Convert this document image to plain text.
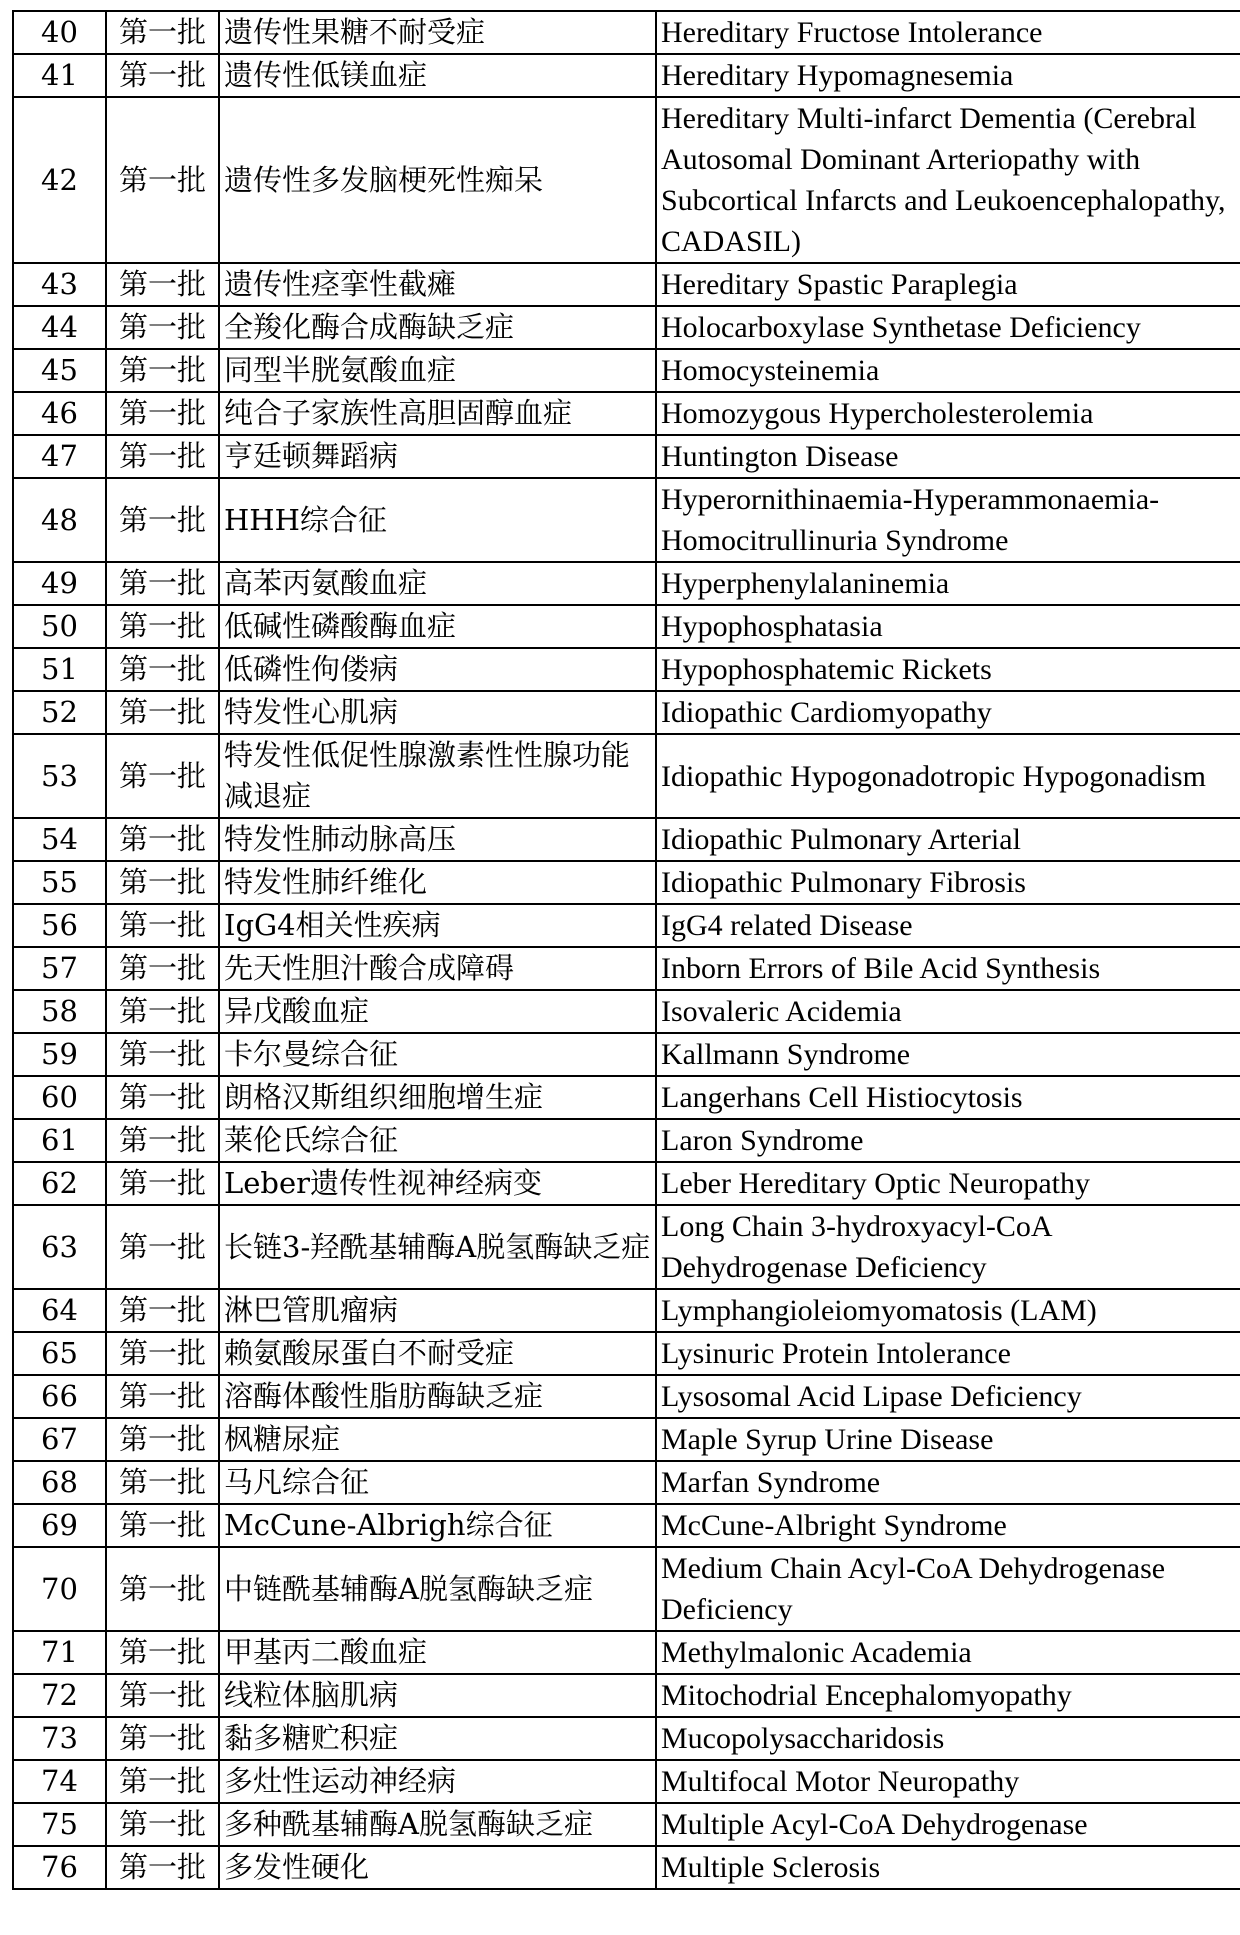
40	第一批	遗传性果糖不耐受症	Hereditary Fructose Intolerance
41	第一批	遗传性低镁血症	Hereditary Hypomagnesemia
42	第一批	遗传性多发脑梗死性痴呆	Hereditary Multi-infarct Dementia (Cerebral Autosomal Dominant Arteriopathy with Subcortical Infarcts and Leukoencephalopathy, CADASIL)
43	第一批	遗传性痉挛性截瘫	Hereditary Spastic Paraplegia
44	第一批	全羧化酶合成酶缺乏症	Holocarboxylase Synthetase Deficiency
45	第一批	同型半胱氨酸血症	Homocysteinemia
46	第一批	纯合子家族性高胆固醇血症	Homozygous Hypercholesterolemia
47	第一批	亨廷顿舞蹈病	Huntington Disease
48	第一批	HHH综合征	Hyperornithinaemia-Hyperammonaemia-Homocitrullinuria Syndrome
49	第一批	高苯丙氨酸血症	Hyperphenylalaninemia
50	第一批	低碱性磷酸酶血症	Hypophosphatasia
51	第一批	低磷性佝偻病	Hypophosphatemic Rickets
52	第一批	特发性心肌病	Idiopathic Cardiomyopathy
53	第一批	特发性低促性腺激素性性腺功能减退症	Idiopathic Hypogonadotropic Hypogonadism
54	第一批	特发性肺动脉高压	Idiopathic Pulmonary Arterial
55	第一批	特发性肺纤维化	Idiopathic Pulmonary Fibrosis
56	第一批	IgG4相关性疾病	IgG4 related Disease
57	第一批	先天性胆汁酸合成障碍	Inborn Errors of Bile Acid Synthesis
58	第一批	异戊酸血症	Isovaleric Acidemia
59	第一批	卡尔曼综合征	Kallmann Syndrome
60	第一批	朗格汉斯组织细胞增生症	Langerhans Cell Histiocytosis
61	第一批	莱伦氏综合征	Laron Syndrome
62	第一批	Leber遗传性视神经病变	Leber Hereditary Optic Neuropathy
63	第一批	长链3-羟酰基辅酶A脱氢酶缺乏症	Long Chain 3-hydroxyacyl-CoA Dehydrogenase Deficiency
64	第一批	淋巴管肌瘤病	Lymphangioleiomyomatosis (LAM)
65	第一批	赖氨酸尿蛋白不耐受症	Lysinuric Protein Intolerance
66	第一批	溶酶体酸性脂肪酶缺乏症	Lysosomal Acid Lipase Deficiency
67	第一批	枫糖尿症	Maple Syrup Urine Disease
68	第一批	马凡综合征	Marfan Syndrome
69	第一批	McCune-Albrigh综合征	McCune-Albright Syndrome
70	第一批	中链酰基辅酶A脱氢酶缺乏症	Medium Chain Acyl-CoA Dehydrogenase Deficiency
71	第一批	甲基丙二酸血症	Methylmalonic Academia
72	第一批	线粒体脑肌病	Mitochodrial Encephalomyopathy
73	第一批	黏多糖贮积症	Mucopolysaccharidosis
74	第一批	多灶性运动神经病	Multifocal Motor Neuropathy
75	第一批	多种酰基辅酶A脱氢酶缺乏症	Multiple Acyl-CoA Dehydrogenase
76	第一批	多发性硬化	Multiple Sclerosis
